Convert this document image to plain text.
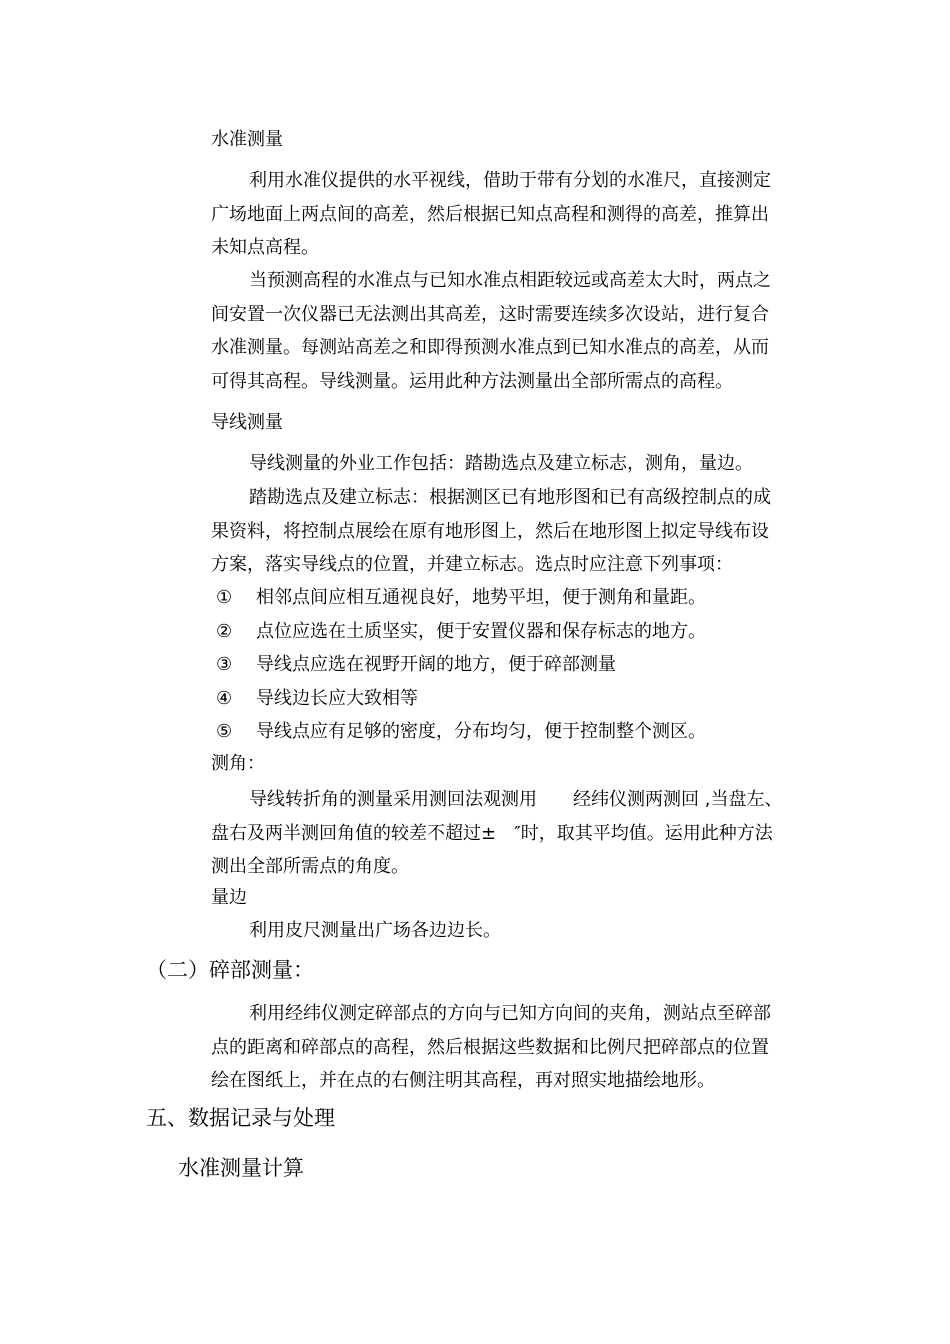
水准测量
利用水准仪提供的水平视线，借助于带有分划的水准尺，直接测定
广场地面上两点间的高差，然后根据已知点高程和测得的高差，推算出
未知点高程。
当预测高程的水准点与已知水准点相距较远或高差太大时，两点之
间安置一次仪器已无法测出其高差，这时需要连续多次设站，进行复合
水准测量。每测站高差之和即得预测水准点到已知水准点的高差，从而
可得其高程。导线测量。运用此种方法测量出全部所需点的高程。
导线测量
导线测量的外业工作包括：踏勘选点及建立标志，测角，量边。
踏勘选点及建立标志：根据测区已有地形图和已有高级控制点的成
果资料，将控制点展绘在原有地形图上，然后在地形图上拟定导线布设
方案，落实导线点的位置，并建立标志。选点时应注意下列事项：
① 相邻点间应相互通视良好，地势平坦，便于测角和量距。
② 点位应选在土质坚实，便于安置仪器和保存标志的地方。
③ 导线点应选在视野开阔的地方，便于碎部测量
④ 导线边长应大致相等
⑤ 导线点应有足够的密度，分布均匀，便于控制整个测区。
测角：
导线转折角的测量采用测回法观测用　　经纬仪测两测回 ,当盘左、
盘右及两半测回角值的较差不超过±　″时，取其平均值。运用此种方法
测出全部所需点的角度。
量边
利用皮尺测量出广场各边边长。
（二）碎部测量：
利用经纬仪测定碎部点的方向与已知方向间的夹角，测站点至碎部
点的距离和碎部点的高程，然后根据这些数据和比例尺把碎部点的位置
绘在图纸上，并在点的右侧注明其高程，再对照实地描绘地形。
五、数据记录与处理
水准测量计算
